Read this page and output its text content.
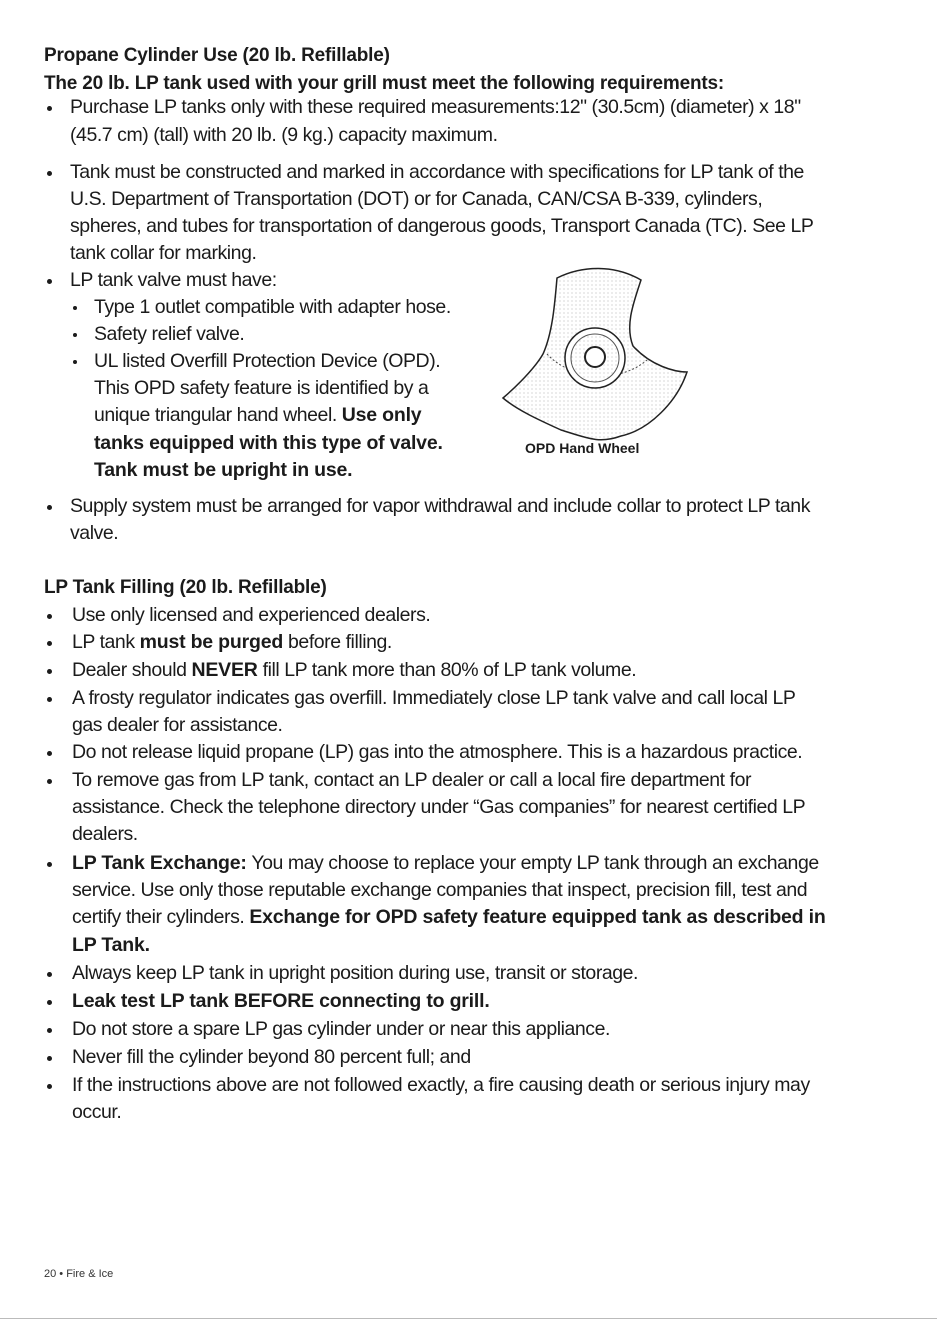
Propane Cylinder Use (20 lb. Refillable)
The 20 lb. LP tank used with your grill must meet the following requirements:
Purchase LP tanks only with these required measurements:12" (30.5cm) (diameter) x 18"
(45.7 cm) (tall) with 20 lb. (9 kg.) capacity maximum.
Tank must be constructed and marked in accordance with specifications for LP tank of the
U.S. Department of Transportation (DOT) or for Canada, CAN/CSA B-339, cylinders,
spheres, and tubes for transportation of dangerous goods, Transport Canada (TC). See LP
tank collar for marking.
LP tank valve must have:
Type 1 outlet compatible with adapter hose.
Safety relief valve.
UL listed Overfill Protection Device (OPD).
This OPD safety feature is identified by a
unique triangular hand wheel. Use only
tanks equipped with this type of valve.
Tank must be upright in use.
OPD Hand Wheel
Supply system must be arranged for vapor withdrawal and include collar to protect LP tank
valve.
LP Tank Filling (20 lb. Refillable)
Use only licensed and experienced dealers.
LP tank must be purged before filling.
Dealer should NEVER fill LP tank more than 80% of LP tank volume.
A frosty regulator indicates gas overfill. Immediately close LP tank valve and call local LP
gas dealer for assistance.
Do not release liquid propane (LP) gas into the atmosphere. This is a hazardous practice.
To remove gas from LP tank, contact an LP dealer or call a local fire department for
assistance. Check the telephone directory under “Gas companies” for nearest certified LP
dealers.
LP Tank Exchange: You may choose to replace your empty LP tank through an exchange
service. Use only those reputable exchange companies that inspect, precision fill, test and
certify their cylinders. Exchange for OPD safety feature equipped tank as described in
LP Tank.
Always keep LP tank in upright position during use, transit or storage.
Leak test LP tank BEFORE connecting to grill.
Do not store a spare LP gas cylinder under or near this appliance.
Never fill the cylinder beyond 80 percent full; and
If the instructions above are not followed exactly, a fire causing death or serious injury may
occur.
20 • Fire & Ice
